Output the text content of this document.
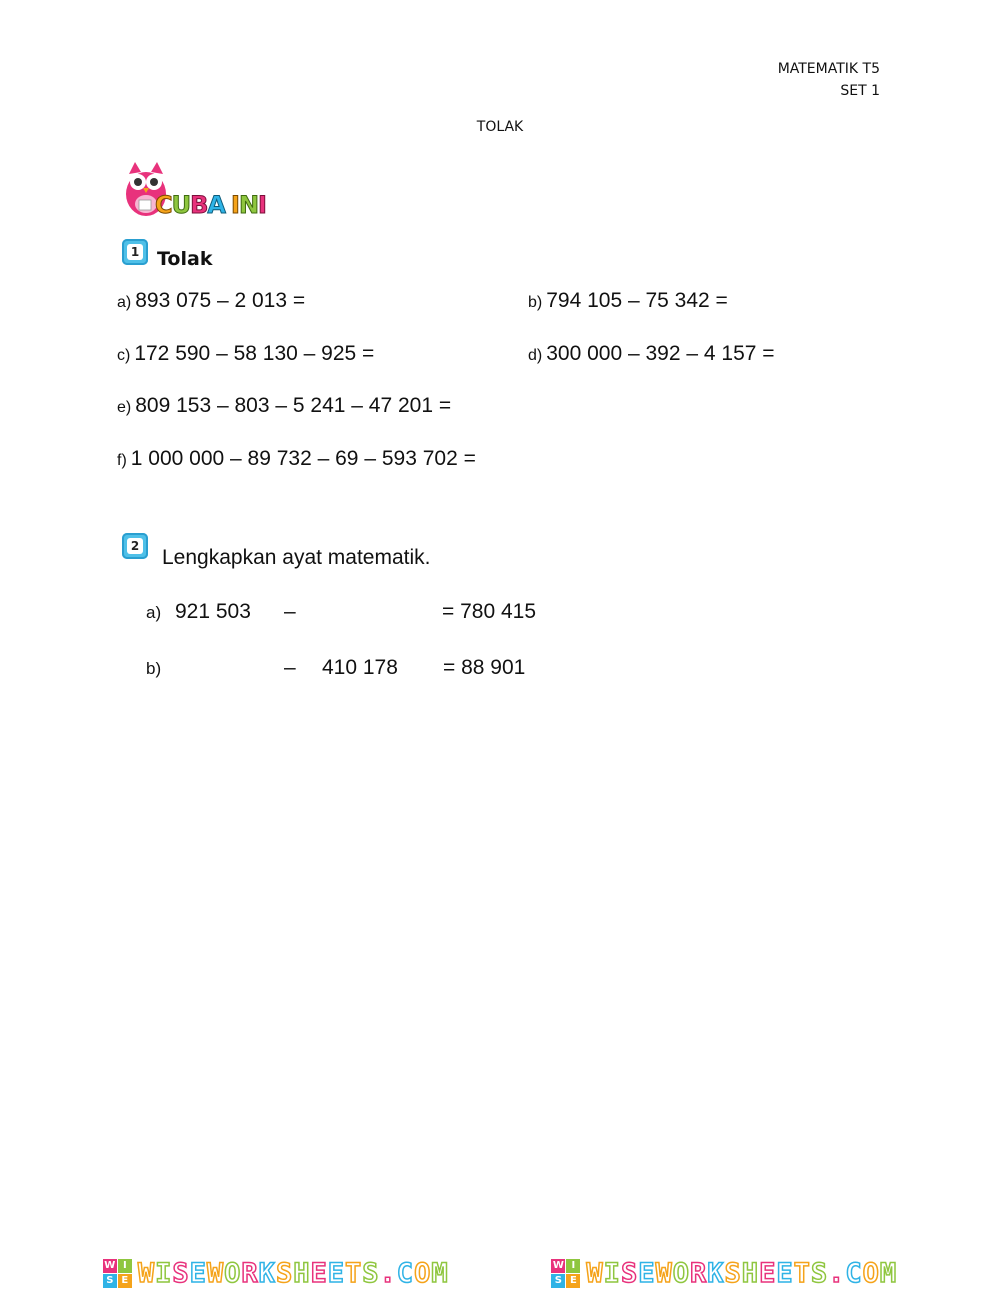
MATEMATIK T5
SET 1
TOLAK
CUBA INI
1 Tolak
a) 893 075 – 2 013 =	b) 794 105 – 75 342 =
c) 172 590 – 58 130 – 925 =	d) 300 000 – 392 – 4 157 =
e) 809 153 – 803 – 5 241 – 47 201 =
f) 1 000 000 – 89 732 – 69 – 593 702 =
2 Lengkapkan ayat matematik.
a) 921 503 –	= 780 415
b)	– 410 178 = 88 901
W I
S E WISEWORKSHEETS.COM	W I
S E WISEWORKSHEETS.COM
